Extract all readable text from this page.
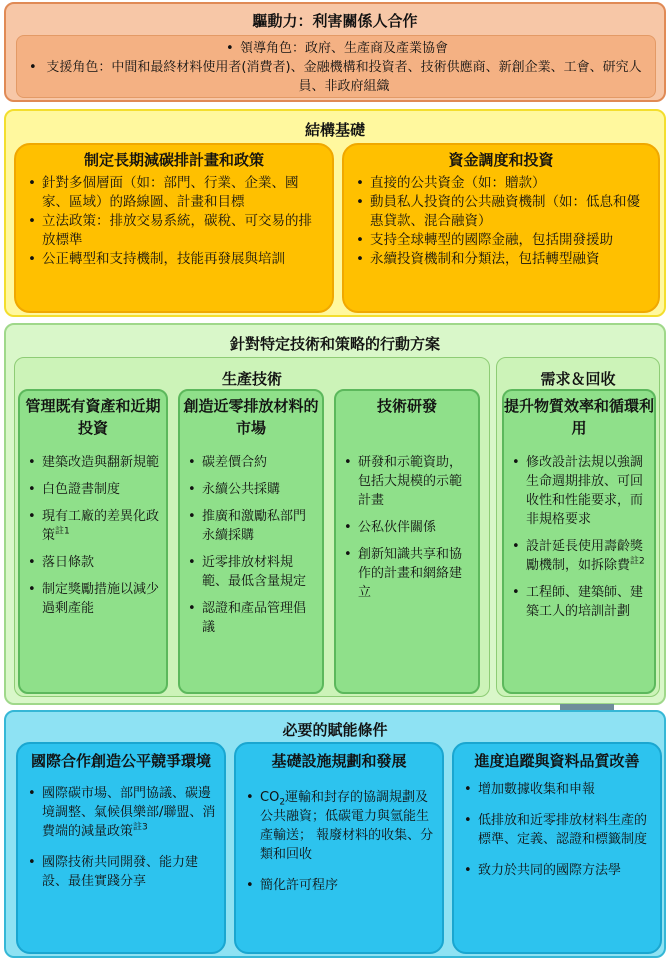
驅動力：利害關係人合作
• 領導角色：政府、生產商及產業協會 • 支援角色：中間和最終材料使用者(消費者)、金融機構和投資者、技術供應商、新創企業、工會、研究人員、非政府組織
結構基礎
制定長期減碳排計畫和政策
• 針對多個層面（如：部門、行業、企業、國家、區域）的路線圖、計畫和目標
• 立法政策：排放交易系統，碳稅、可交易的排放標準
• 公正轉型和支持機制，技能再發展與培訓
資金調度和投資
• 直接的公共資金（如：贈款）
• 動員私人投資的公共融資機制（如：低息和優惠貸款、混合融資）
• 支持全球轉型的國際金融，包括開發援助
• 永續投資機制和分類法，包括轉型融資
針對特定技術和策略的行動方案
生產技術	需求＆回收
管理既有資產和近期投資
• 建築改造與翻新規範
• 白色證書制度
• 現有工廠的差異化政策$^{註1}$
• 落日條款
• 制定獎勵措施以減少過剩產能
創造近零排放材料的市場
• 碳差價合約
• 永續公共採購
• 推廣和激勵私部門永續採購
• 近零排放材料規範、最低含量規定
• 認證和產品管理倡議
技術研發
• 研發和示範資助，包括大規模的示範計畫
• 公私伙伴關係
• 創新知識共享和協作的計畫和網絡建立
提升物質效率和循環利用
• 修改設計法規以強調生命週期排放、可回收性和性能要求，而非規格要求
• 設計延長使用壽齡獎勵機制，如拆除費$^{註2}$
• 工程師、建築師、建築工人的培訓計劃
必要的賦能條件
國際合作創造公平競爭環境
• 國際碳市場、部門協議、碳邊境調整、氣候俱樂部/聯盟、消費端的減量政策$^{註3}$
• 國際技術共同開發、能力建設、最佳實踐分享
基礎設施規劃和發展
• $CO_2$運輸和封存的協調規劃及公共融資；低碳電力與氫能生產輸送； 報廢材料的收集、分類和回收
• 簡化許可程序
進度追蹤與資料品質改善
• 增加數據收集和申報
• 低排放和近零排放材料生產的標準、定義、認證和標籤制度
• 致力於共同的國際方法學
